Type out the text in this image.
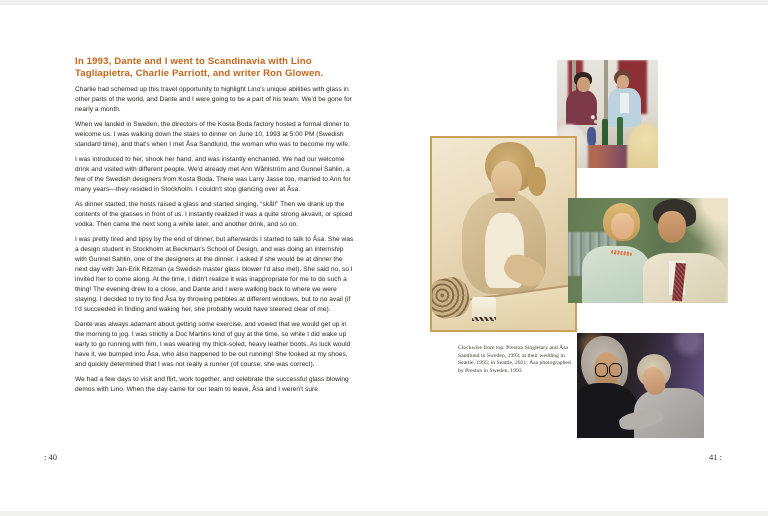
In 1993, Dante and I went to Scandinavia with Lino Tagliapietra, Charlie Parriott, and writer Ron Glowen.

Charlie had schemed up this travel opportunity to highlight Lino's unique abilities with glass in other parts of the world, and Dante and I were going to be a part of his team. We'd be gone for nearly a month.

When we landed in Sweden, the directors of the Kosta Boda factory hosted a formal dinner to welcome us. I was walking down the stairs to dinner on June 10, 1993 at 5:00 PM (Swedish standard time), and that's when I met Åsa Sandlund, the woman who was to become my wife.

I was introduced to her, shook her hand, and was instantly enchanted. We had our welcome drink and visited with different people. We'd already met Ann Wåhlström and Gunnel Sahlin, a few of the Swedish designers from Kosta Boda. There was Larry Jasse too, married to Ann for many years—they resided in Stockholm. I couldn't stop glancing over at Åsa.

As dinner started, the hosts raised a glass and started singing, “skål!” Then we drank up the contents of the glasses in front of us. I instantly realized it was a quite strong akvavit, or spiced vodka. Then came the next song a while later, and another drink, and so on.

I was pretty tired and tipsy by the end of dinner, but afterwards I started to talk to Åsa. She was a design student in Stockholm at Beckman's School of Design, and was doing an internship with Gunnel Sahlin, one of the designers at the dinner. I asked if she would be at dinner the next day with Jan-Erik Ritzman (a Swedish master glass blower I'd also met). She said no, so I invited her to come along. At the time, I didn't realize it was inappropriate for me to do such a thing! The evening drew to a close, and Dante and I were walking back to where we were staying. I decided to try to find Åsa by throwing pebbles at different windows, but to no avail (if I'd succeeded in finding and waking her, she probably would have steered clear of me).

Dante was always adamant about getting some exercise, and vowed that we would get up in the morning to jog. I was strictly a Doc Martins kind of guy at the time, so while I did wake up early to go running with him, I was wearing my thick-soled, heavy leather boots. As luck would have it, we bumped into Åsa, who also happened to be out running! She looked at my shoes, and quickly determined that I was not really a runner (of course, she was correct).

We had a few days to visit and flirt, work together, and celebrate the successful glass blowing demos with Lino. When the day came for our team to leave, Åsa and I weren't sure

: 40
Clockwise from top: Preston Singletary and Åsa Sandlund in Sweden, 1993; at their wedding in Seattle, 1995; in Seattle, 2021; Åsa photographed by Preston in Sweden, 1993
41 :
